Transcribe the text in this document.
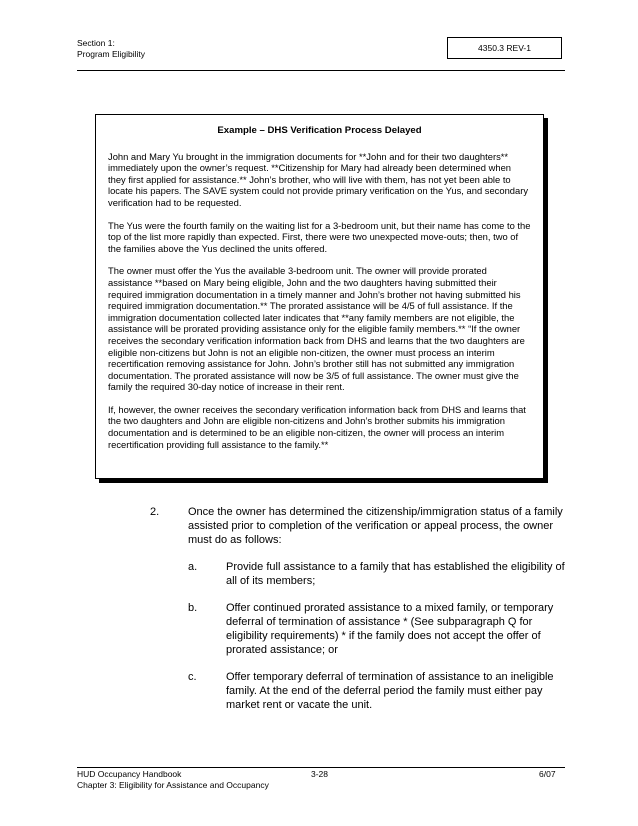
Section 1:
Program Eligibility
4350.3 REV-1
Example – DHS Verification Process Delayed

John and Mary Yu brought in the immigration documents for **John and for their two daughters** immediately upon the owner’s request. **Citizenship for Mary had already been determined when they first applied for assistance.** John’s brother, who will live with them, has not yet been able to locate his papers. The SAVE system could not provide primary verification on the Yus, and secondary verification had to be requested.

The Yus were the fourth family on the waiting list for a 3-bedroom unit, but their name has come to the top of the list more rapidly than expected. First, there were two unexpected move-outs; then, two of the families above the Yus declined the units offered.

The owner must offer the Yus the available 3-bedroom unit. The owner will provide prorated assistance **based on Mary being eligible, John and the two daughters having submitted their required immigration documentation in a timely manner and John’s brother not having submitted his required immigration documentation.** The prorated assistance will be 4/5 of full assistance. If the immigration documentation collected later indicates that **any family members are not eligible, the assistance will be prorated providing assistance only for the eligible family members.** “If the owner receives the secondary verification information back from DHS and learns that the two daughters are eligible non-citizens but John is not an eligible non-citizen, the owner must process an interim recertification removing assistance for John. John’s brother still has not submitted any immigration documentation. The prorated assistance will now be 3/5 of full assistance. The owner must give the family the required 30-day notice of increase in their rent.

If, however, the owner receives the secondary verification information back from DHS and learns that the two daughters and John are eligible non-citizens and John’s brother submits his immigration documentation and is determined to be an eligible non-citizen, the owner will process an interim recertification providing full assistance to the family.**

2.	Once the owner has determined the citizenship/immigration status of a family assisted prior to completion of the verification or appeal process, the owner must do as follows:
a.	Provide full assistance to a family that has established the eligibility of all of its members;
b.	Offer continued prorated assistance to a mixed family, or temporary deferral of termination of assistance * (See subparagraph Q for eligibility requirements) * if the family does not accept the offer of prorated assistance; or
c.	Offer temporary deferral of termination of assistance to an ineligible family. At the end of the deferral period the family must either pay market rent or vacate the unit.
HUD Occupancy Handbook
Chapter 3: Eligibility for Assistance and Occupancy
3-28	6/07
